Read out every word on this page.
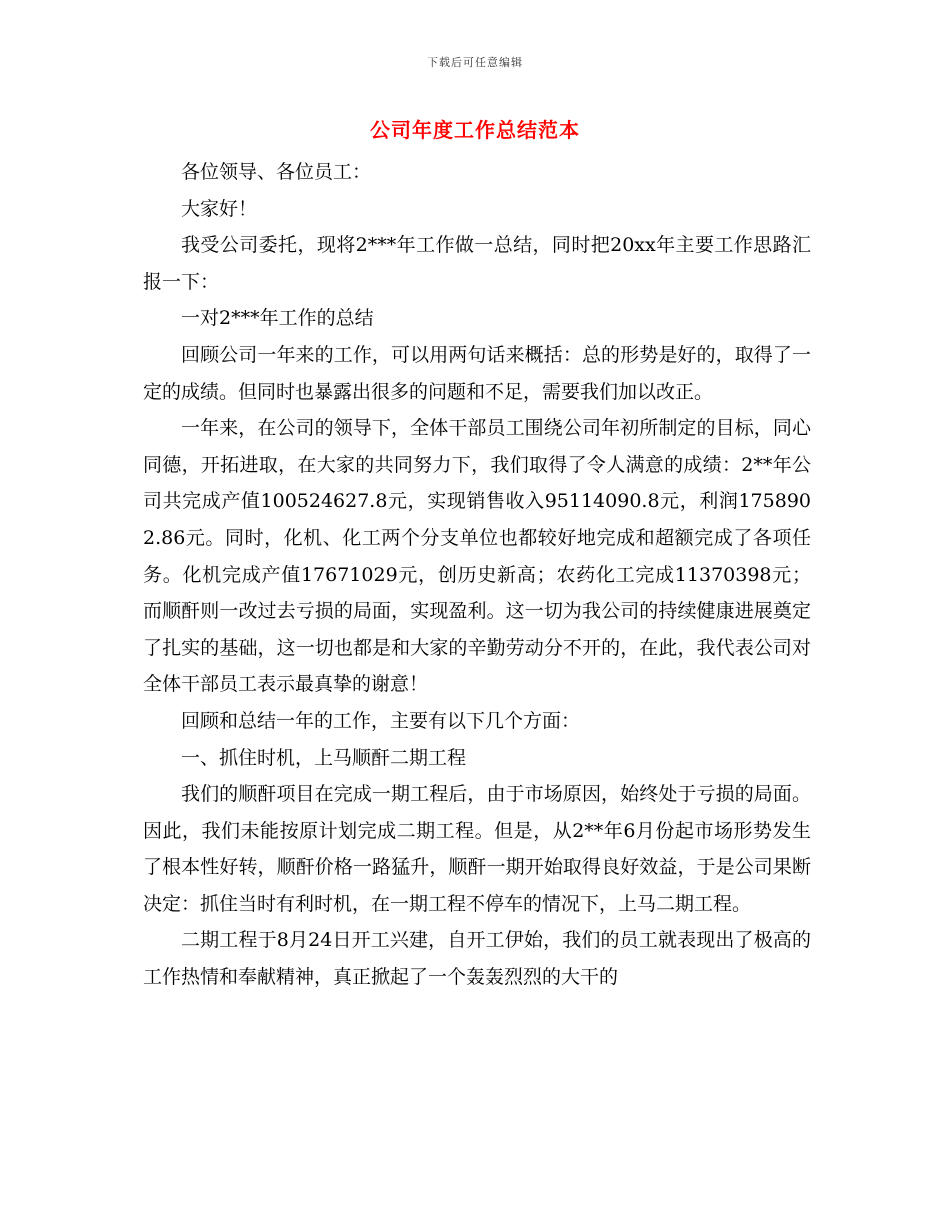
下载后可任意编辑
公司年度工作总结范本

各位领导、各位员工：

大家好！

我受公司委托，现将2***年工作做一总结，同时把20xx年主要工作思路汇报一下：

一对2***年工作的总结

回顾公司一年来的工作，可以用两句话来概括：总的形势是好的，取得了一定的成绩。但同时也暴露出很多的问题和不足，需要我们加以改正。

一年来，在公司的领导下，全体干部员工围绕公司年初所制定的目标，同心同德，开拓进取，在大家的共同努力下，我们取得了令人满意的成绩：2**年公司共完成产值100524627.8元，实现销售收入95114090.8元，利润1758902.86元。同时，化机、化工两个分支单位也都较好地完成和超额完成了各项任务。化机完成产值17671029元，创历史新高；农药化工完成11370398元；而顺酐则一改过去亏损的局面，实现盈利。这一切为我公司的持续健康进展奠定了扎实的基础，这一切也都是和大家的辛勤劳动分不开的，在此，我代表公司对全体干部员工表示最真挚的谢意！

回顾和总结一年的工作，主要有以下几个方面：

一、抓住时机，上马顺酐二期工程

我们的顺酐项目在完成一期工程后，由于市场原因，始终处于亏损的局面。因此，我们未能按原计划完成二期工程。但是，从2**年6月份起市场形势发生了根本性好转，顺酐价格一路猛升，顺酐一期开始取得良好效益，于是公司果断决定：抓住当时有利时机，在一期工程不停车的情况下，上马二期工程。

二期工程于8月24日开工兴建，自开工伊始，我们的员工就表现出了极高的工作热情和奉献精神，真正掀起了一个轰轰烈烈的大干的
